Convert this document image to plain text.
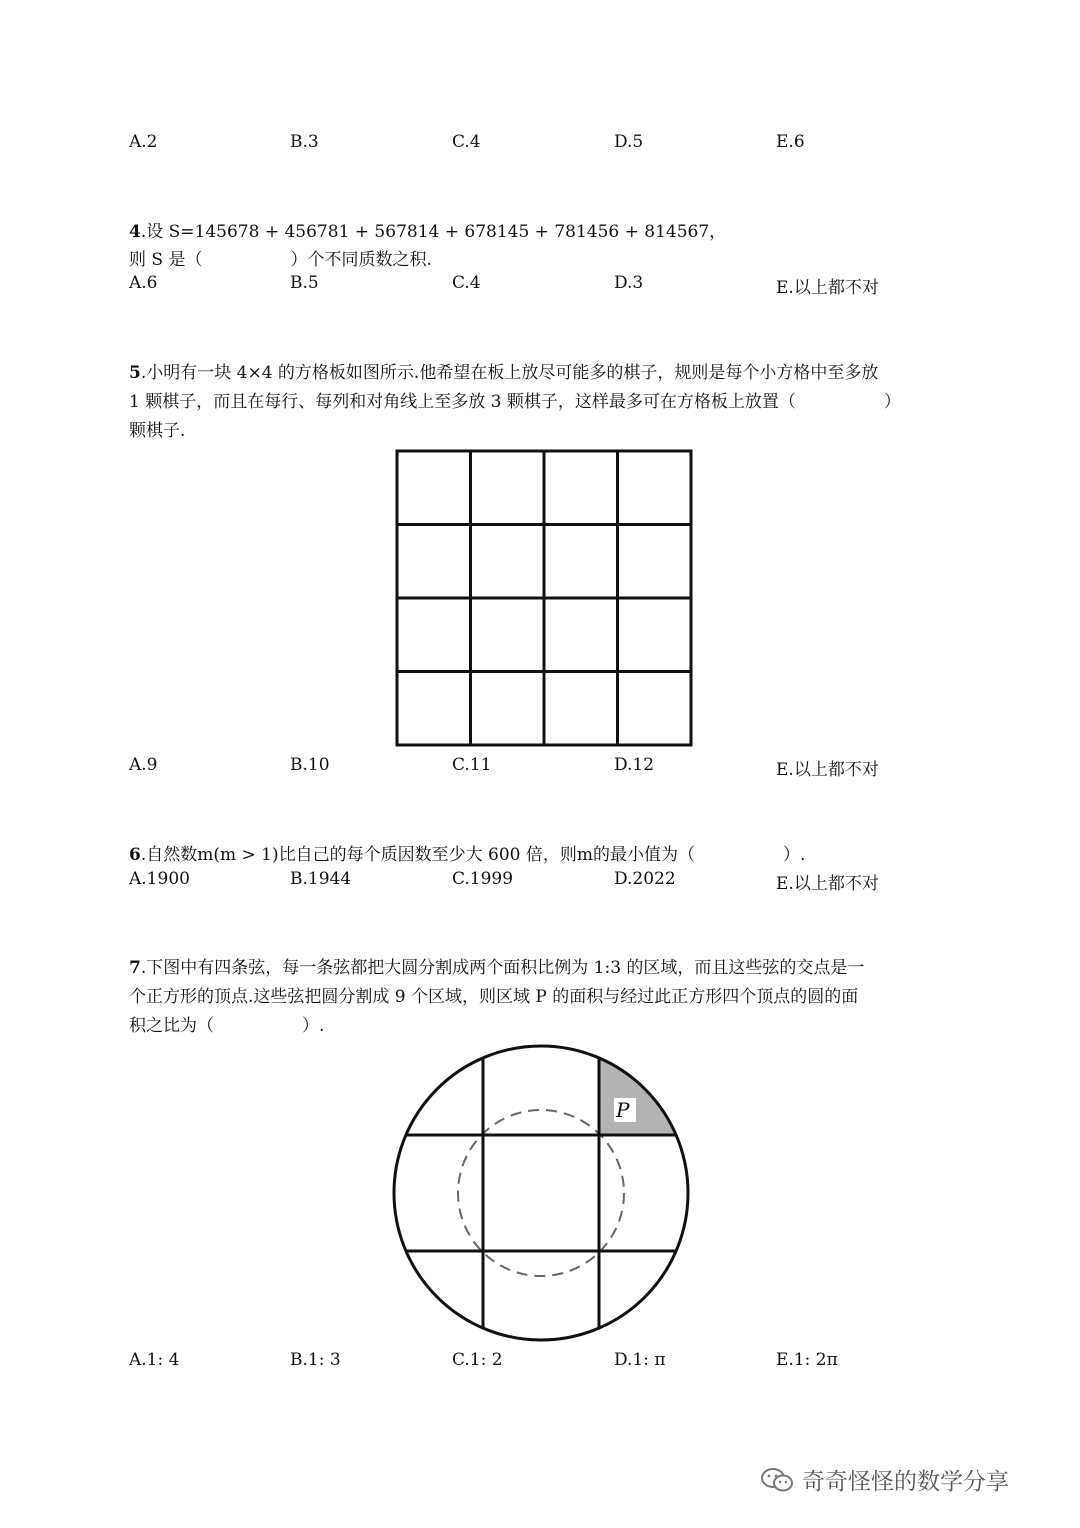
A.2	B.3	C.4	D.5	E.6
4.设 S=145678 + 456781 + 567814 + 678145 + 781456 + 814567，
则 S 是（	）个不同质数之积.
A.6	B.5	C.4	D.3	E.以上都不对
5.小明有一块 4×4 的方格板如图所示.他希望在板上放尽可能多的棋子，规则是每个小方格中至多放
1 颗棋子，而且在每行、每列和对角线上至多放 3 颗棋子，这样最多可在方格板上放置（	）
颗棋子.
A.9	B.10	C.11	D.12	E.以上都不对
6.自然数m(m > 1)比自己的每个质因数至少大 600 倍，则m的最小值为（	）.
A.1900	B.1944	C.1999	D.2022	E.以上都不对
7.下图中有四条弦，每一条弦都把大圆分割成两个面积比例为 1:3 的区域，而且这些弦的交点是一
个正方形的顶点.这些弦把圆分割成 9 个区域，则区域 P 的面积与经过此正方形四个顶点的圆的面
积之比为（	）.
P
A.1: 4	B.1: 3	C.1: 2	D.1: π	E.1: 2π
奇奇怪怪的数学分享
